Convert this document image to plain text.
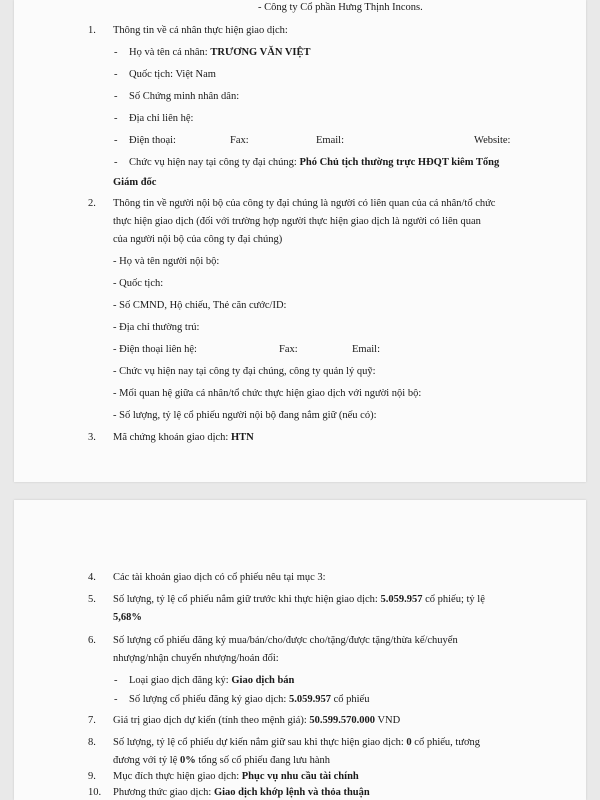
- Công ty Cổ phần Hưng Thịnh Incons.
1. Thông tin về cá nhân thực hiện giao dịch:
- Họ và tên cá nhân: TRƯƠNG VĂN VIỆT
- Quốc tịch: Việt Nam
- Số Chứng minh nhân dân:
- Địa chỉ liên hệ:
- Điện thoại:	Fax:	Email:	Website:
- Chức vụ hiện nay tại công ty đại chúng: Phó Chủ tịch thường trực HĐQT kiêm Tổng
Giám đốc
2. Thông tin về người nội bộ của công ty đại chúng là người có liên quan của cá nhân/tổ chức
thực hiện giao dịch (đối với trường hợp người thực hiện giao dịch là người có liên quan
của người nội bộ của công ty đại chúng)
- Họ và tên người nội bộ:
- Quốc tịch:
- Số CMND, Hộ chiếu, Thẻ căn cước/ID:
- Địa chỉ thường trú:
- Điện thoại liên hệ:	Fax:	Email:
- Chức vụ hiện nay tại công ty đại chúng, công ty quản lý quỹ:
- Mối quan hệ giữa cá nhân/tổ chức thực hiện giao dịch với người nội bộ:
- Số lượng, tỷ lệ cổ phiếu người nội bộ đang nắm giữ (nếu có):
3. Mã chứng khoán giao dịch: HTN
4. Các tài khoản giao dịch có cổ phiếu nêu tại mục 3:
5. Số lượng, tỷ lệ cổ phiếu nắm giữ trước khi thực hiện giao dịch: 5.059.957 cổ phiếu; tỷ lệ
5,68%
6. Số lượng cổ phiếu đăng ký mua/bán/cho/được cho/tặng/được tặng/thừa kế/chuyển
nhượng/nhận chuyển nhượng/hoán đổi:
- Loại giao dịch đăng ký: Giao dịch bán
- Số lượng cổ phiếu đăng ký giao dịch: 5.059.957 cổ phiếu
7. Giá trị giao dịch dự kiến (tính theo mệnh giá): 50.599.570.000 VND
8. Số lượng, tỷ lệ cổ phiếu dự kiến nắm giữ sau khi thực hiện giao dịch: 0 cổ phiếu, tương
đương với tỷ lệ 0% tổng số cổ phiếu đang lưu hành
9. Mục đích thực hiện giao dịch: Phục vụ nhu cầu tài chính
10. Phương thức giao dịch: Giao dịch khớp lệnh và thỏa thuận
